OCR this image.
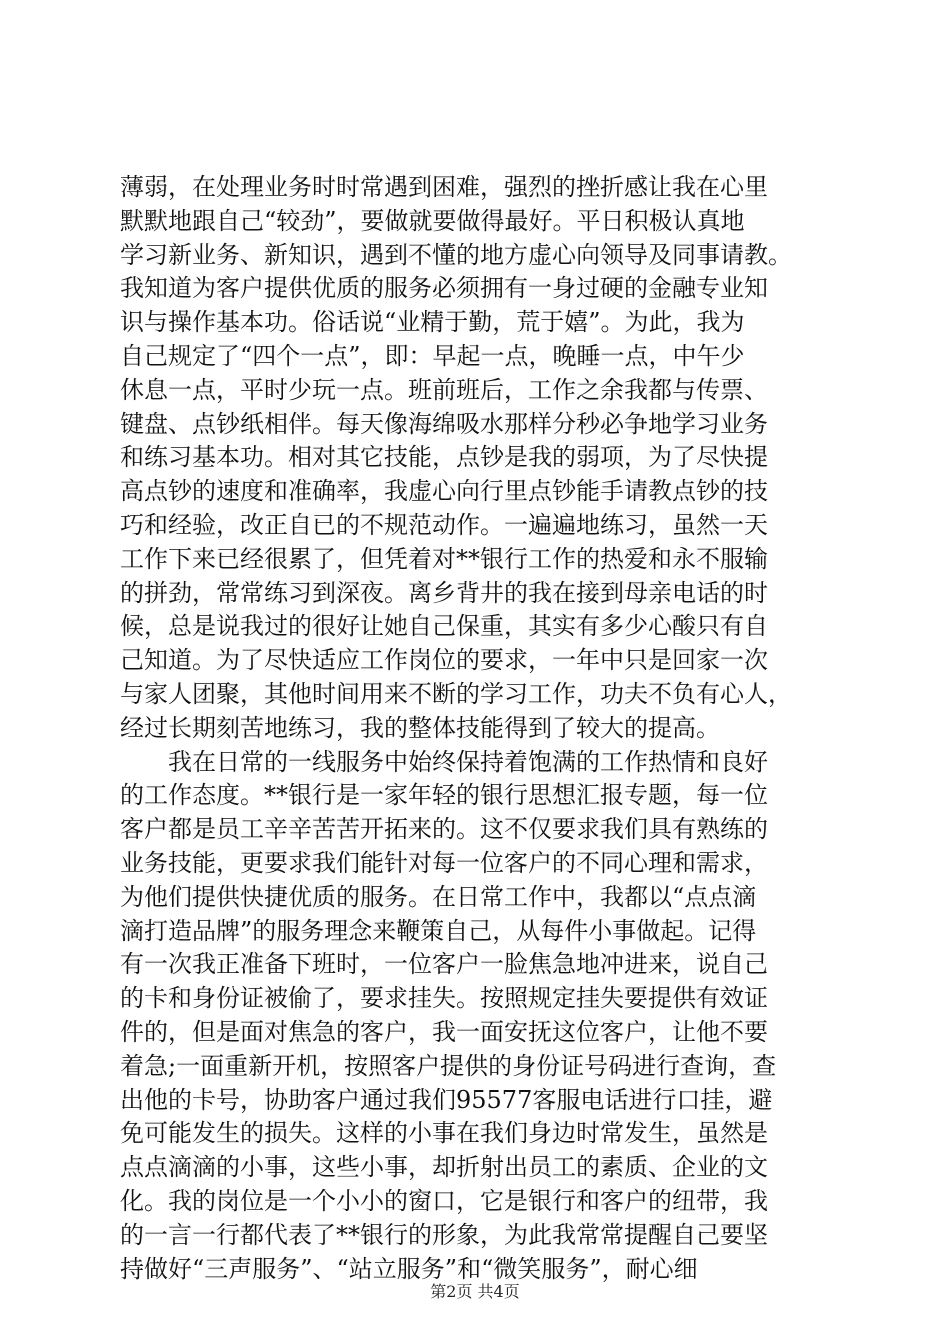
薄弱，在处理业务时时常遇到困难，强烈的挫折感让我在心里
默默地跟自己“较劲”，要做就要做得最好。平日积极认真地
学习新业务、新知识，遇到不懂的地方虚心向领导及同事请教。
我知道为客户提供优质的服务必须拥有一身过硬的金融专业知
识与操作基本功。俗话说“业精于勤，荒于嬉”。为此，我为
自己规定了“四个一点”，即：早起一点，晚睡一点，中午少
休息一点，平时少玩一点。班前班后，工作之余我都与传票、
键盘、点钞纸相伴。每天像海绵吸水那样分秒必争地学习业务
和练习基本功。相对其它技能，点钞是我的弱项，为了尽快提
高点钞的速度和准确率，我虚心向行里点钞能手请教点钞的技
巧和经验，改正自已的不规范动作。一遍遍地练习，虽然一天
工作下来已经很累了，但凭着对**银行工作的热爱和永不服输
的拼劲，常常练习到深夜。离乡背井的我在接到母亲电话的时
候，总是说我过的很好让她自己保重，其实有多少心酸只有自
己知道。为了尽快适应工作岗位的要求，一年中只是回家一次
与家人团聚，其他时间用来不断的学习工作，功夫不负有心人，
经过长期刻苦地练习，我的整体技能得到了较大的提高。
我在日常的一线服务中始终保持着饱满的工作热情和良好
的工作态度。**银行是一家年轻的银行思想汇报专题，每一位
客户都是员工辛辛苦苦开拓来的。这不仅要求我们具有熟练的
业务技能，更要求我们能针对每一位客户的不同心理和需求，
为他们提供快捷优质的服务。在日常工作中，我都以“点点滴
滴打造品牌”的服务理念来鞭策自己，从每件小事做起。记得
有一次我正准备下班时，一位客户一脸焦急地冲进来，说自己
的卡和身份证被偷了，要求挂失。按照规定挂失要提供有效证
件的，但是面对焦急的客户，我一面安抚这位客户，让他不要
着急;一面重新开机，按照客户提供的身份证号码进行查询，查
出他的卡号，协助客户通过我们95577客服电话进行口挂，避
免可能发生的损失。这样的小事在我们身边时常发生，虽然是
点点滴滴的小事，这些小事，却折射出员工的素质、企业的文
化。我的岗位是一个小小的窗口，它是银行和客户的纽带，我
的一言一行都代表了**银行的形象，为此我常常提醒自己要坚
持做好“三声服务”、“站立服务”和“微笑服务”，耐心细
第2页 共4页
